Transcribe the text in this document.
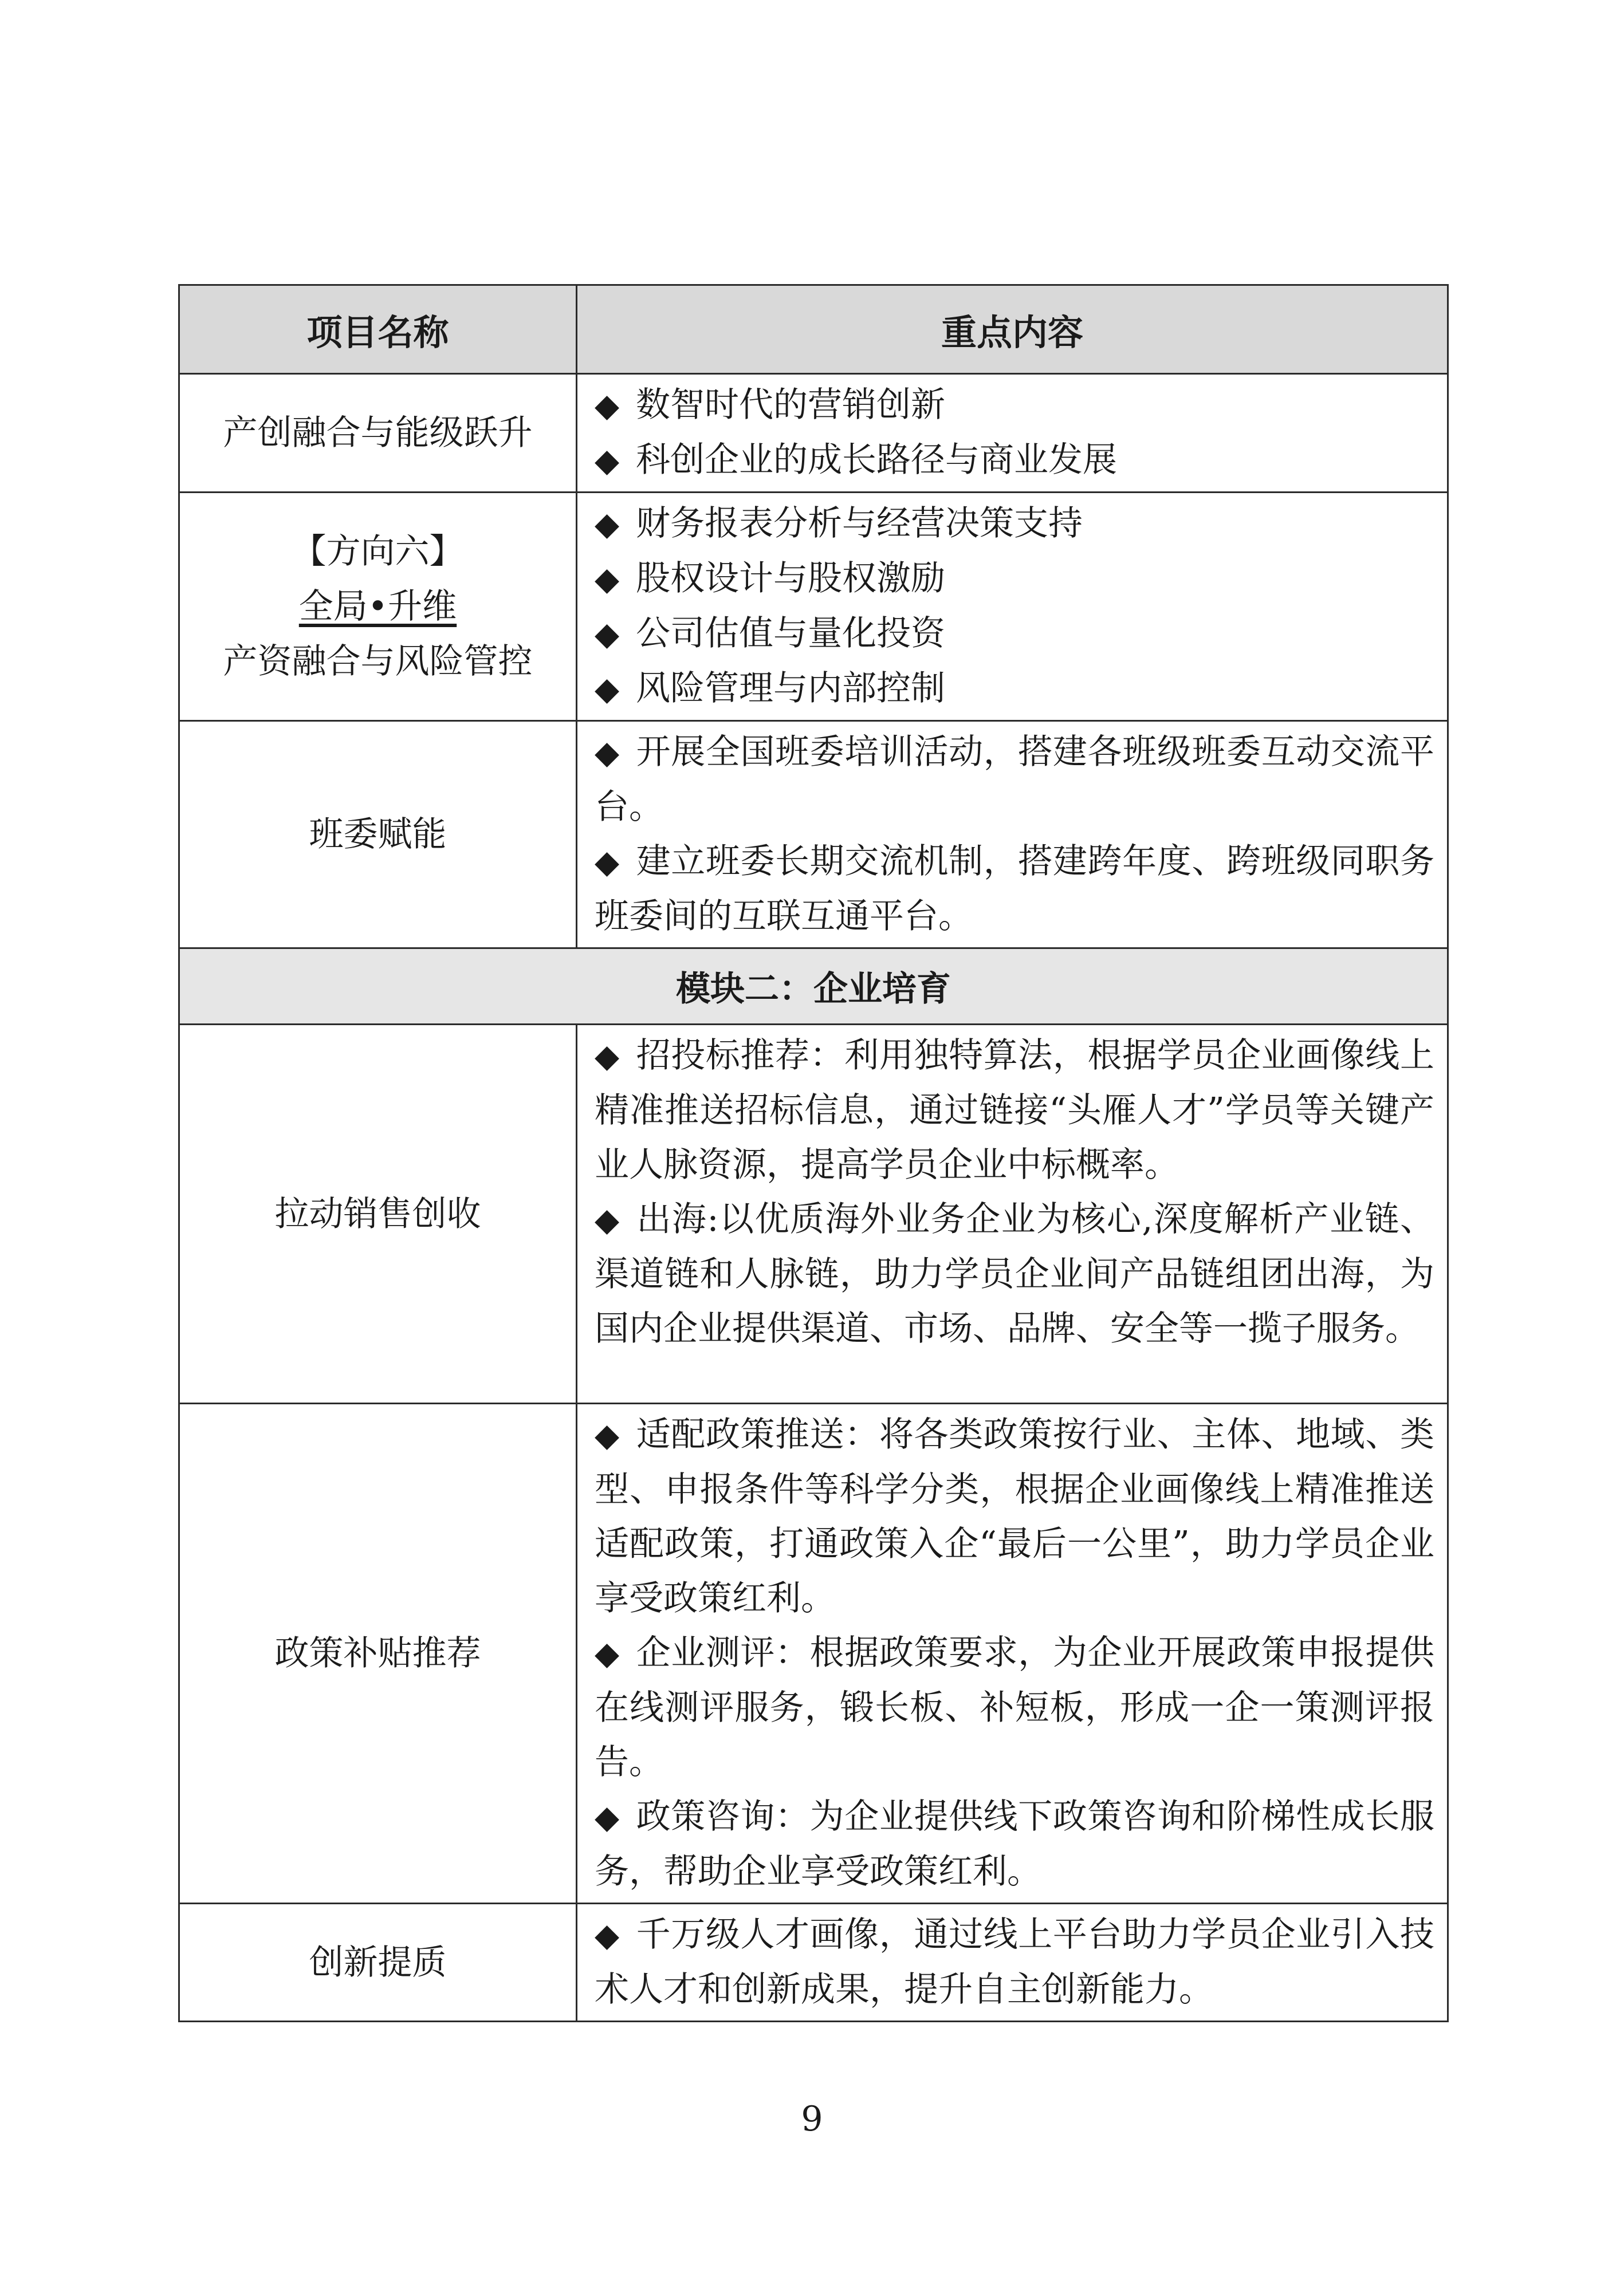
项目名称	重点内容
产创融合与能级跃升	◆ 数智时代的营销创新
◆ 科创企业的成长路径与商业发展

【方向六】
全局•升维
产资融合与风险管控	◆ 财务报表分析与经营决策支持
◆ 股权设计与股权激励
◆ 公司估值与量化投资
◆ 风险管理与内部控制

班委赋能	◆ 开展全国班委培训活动，搭建各班级班委互动交流平台。
◆ 建立班委长期交流机制，搭建跨年度、跨班级同职务班委间的互联互通平台。

模块二：企业培育	
拉动销售创收	◆ 招投标推荐：利用独特算法，根据学员企业画像线上精准推送招标信息，通过链接“头雁人才”学员等关键产业人脉资源，提高学员企业中标概率。
◆ 出海:以优质海外业务企业为核心,深度解析产业链、渠道链和人脉链，助力学员企业间产品链组团出海，为国内企业提供渠道、市场、品牌、安全等一揽子服务。

政策补贴推荐	◆ 适配政策推送：将各类政策按行业、主体、地域、类型、申报条件等科学分类，根据企业画像线上精准推送适配政策，打通政策入企“最后一公里”，助力学员企业享受政策红利。
◆ 企业测评：根据政策要求，为企业开展政策申报提供在线测评服务，锻长板、补短板，形成一企一策测评报告。
◆ 政策咨询：为企业提供线下政策咨询和阶梯性成长服务，帮助企业享受政策红利。

创新提质	◆ 千万级人才画像，通过线上平台助力学员企业引入技术人才和创新成果，提升自主创新能力。
9
